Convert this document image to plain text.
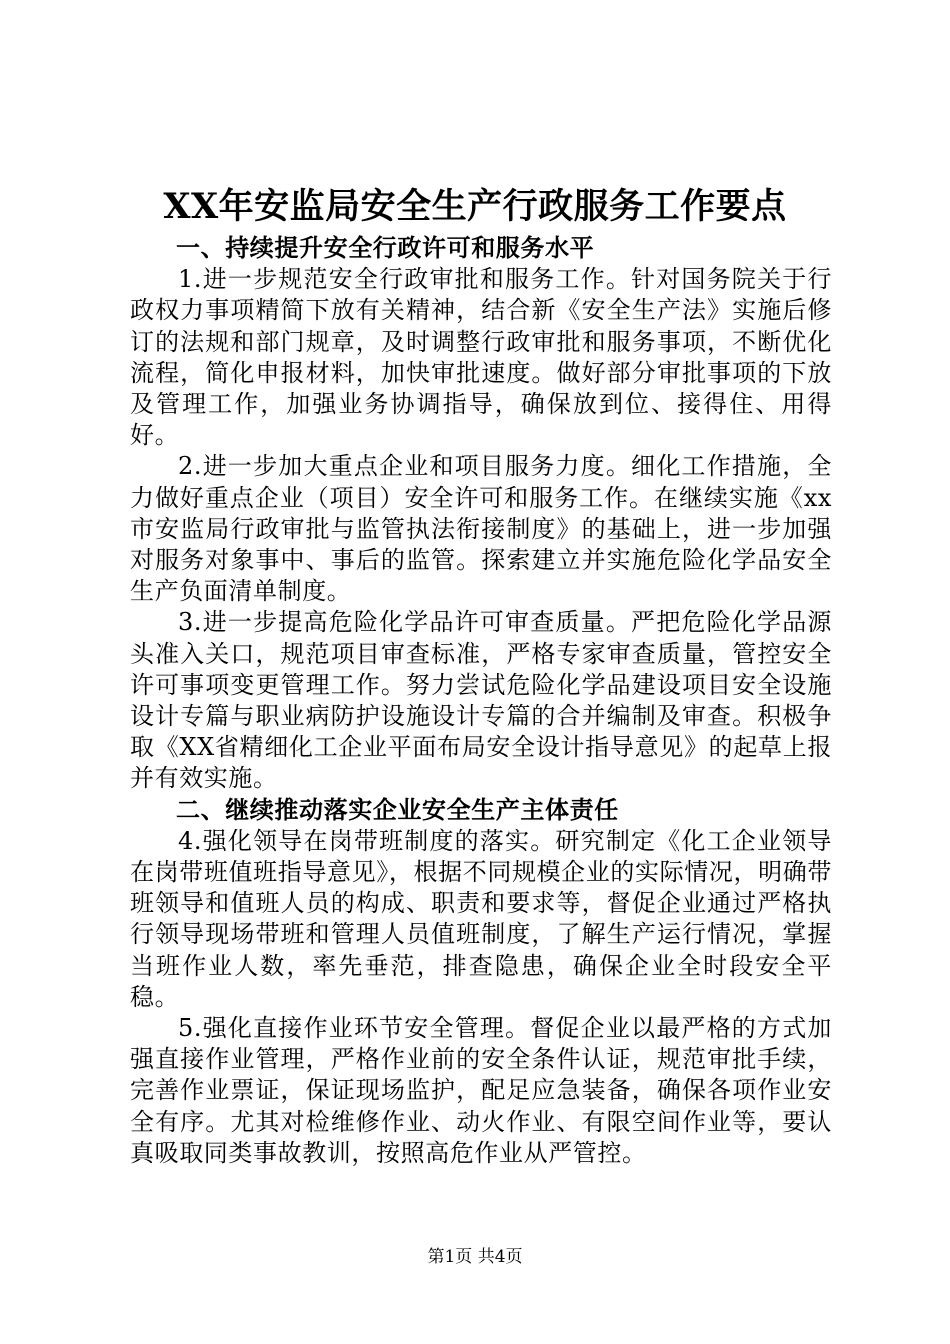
XX年安监局安全生产行政服务工作要点

一、持续提升安全行政许可和服务水平

1.进一步规范安全行政审批和服务工作。针对国务院关于行政权力事项精简下放有关精神，结合新《安全生产法》实施后修订的法规和部门规章，及时调整行政审批和服务事项，不断优化流程，简化申报材料，加快审批速度。做好部分审批事项的下放及管理工作，加强业务协调指导，确保放到位、接得住、用得好。

2.进一步加大重点企业和项目服务力度。细化工作措施，全力做好重点企业（项目）安全许可和服务工作。在继续实施《xx市安监局行政审批与监管执法衔接制度》的基础上，进一步加强对服务对象事中、事后的监管。探索建立并实施危险化学品安全生产负面清单制度。

3.进一步提高危险化学品许可审查质量。严把危险化学品源头准入关口，规范项目审查标准，严格专家审查质量，管控安全许可事项变更管理工作。努力尝试危险化学品建设项目安全设施设计专篇与职业病防护设施设计专篇的合并编制及审查。积极争取《XX省精细化工企业平面布局安全设计指导意见》的起草上报并有效实施。

二、继续推动落实企业安全生产主体责任

4.强化领导在岗带班制度的落实。研究制定《化工企业领导在岗带班值班指导意见》，根据不同规模企业的实际情况，明确带班领导和值班人员的构成、职责和要求等，督促企业通过严格执行领导现场带班和管理人员值班制度，了解生产运行情况，掌握当班作业人数，率先垂范，排查隐患，确保企业全时段安全平稳。

5.强化直接作业环节安全管理。督促企业以最严格的方式加强直接作业管理，严格作业前的安全条件认证，规范审批手续，完善作业票证，保证现场监护，配足应急装备，确保各项作业安全有序。尤其对检维修作业、动火作业、有限空间作业等，要认真吸取同类事故教训，按照高危作业从严管控。

第1页 共4页
